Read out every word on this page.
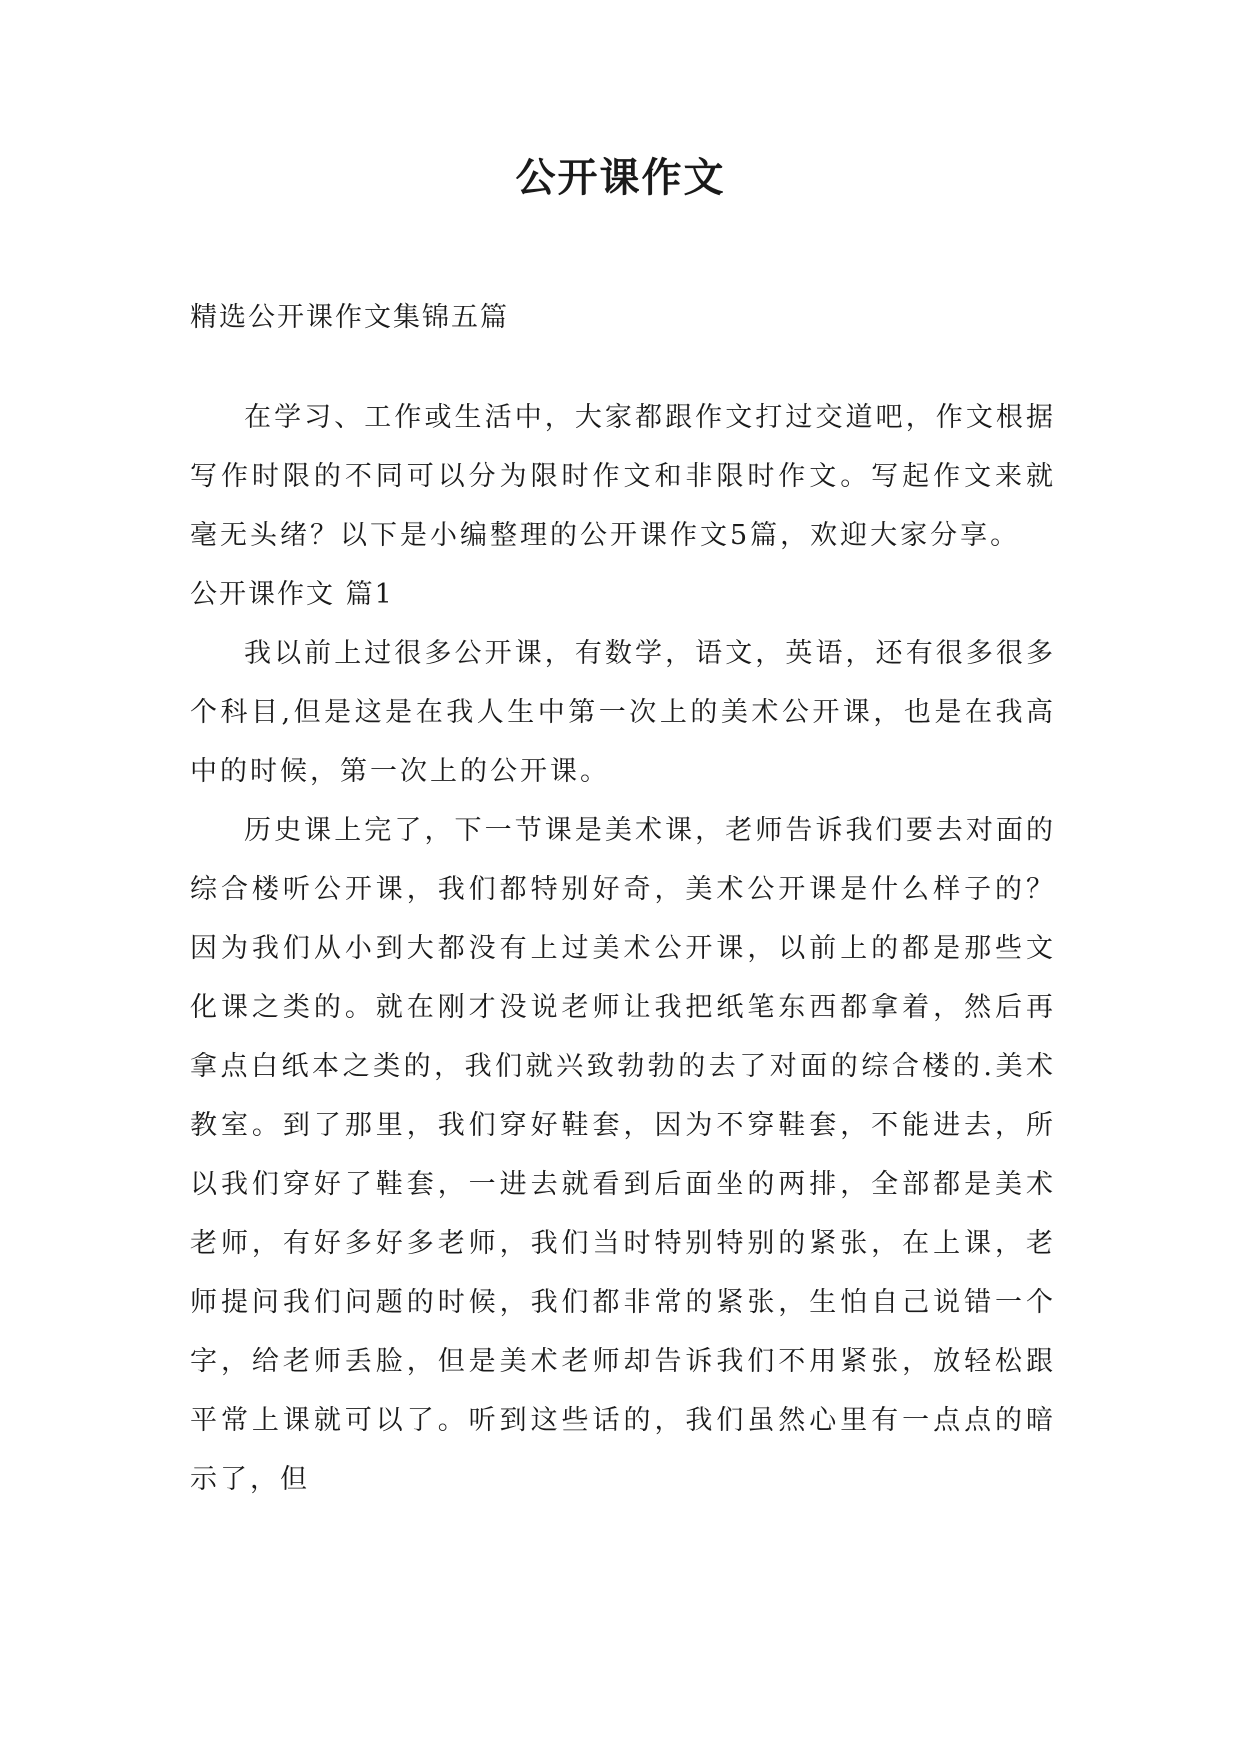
公开课作文

精选公开课作文集锦五篇

在学习、工作或生活中，大家都跟作文打过交道吧，作文根据写作时限的不同可以分为限时作文和非限时作文。写起作文来就毫无头绪？以下是小编整理的公开课作文5篇，欢迎大家分享。

公开课作文 篇1

我以前上过很多公开课，有数学，语文，英语，还有很多很多个科目,但是这是在我人生中第一次上的美术公开课，也是在我高中的时候，第一次上的公开课。

历史课上完了，下一节课是美术课，老师告诉我们要去对面的综合楼听公开课，我们都特别好奇，美术公开课是什么样子的？因为我们从小到大都没有上过美术公开课，以前上的都是那些文化课之类的。就在刚才没说老师让我把纸笔东西都拿着，然后再拿点白纸本之类的，我们就兴致勃勃的去了对面的综合楼的.美术教室。到了那里，我们穿好鞋套，因为不穿鞋套，不能进去，所以我们穿好了鞋套，一进去就看到后面坐的两排，全部都是美术老师，有好多好多老师，我们当时特别特别的紧张，在上课，老师提问我们问题的时候，我们都非常的紧张，生怕自己说错一个字，给老师丢脸，但是美术老师却告诉我们不用紧张，放轻松跟平常上课就可以了。听到这些话的，我们虽然心里有一点点的暗示了，但
